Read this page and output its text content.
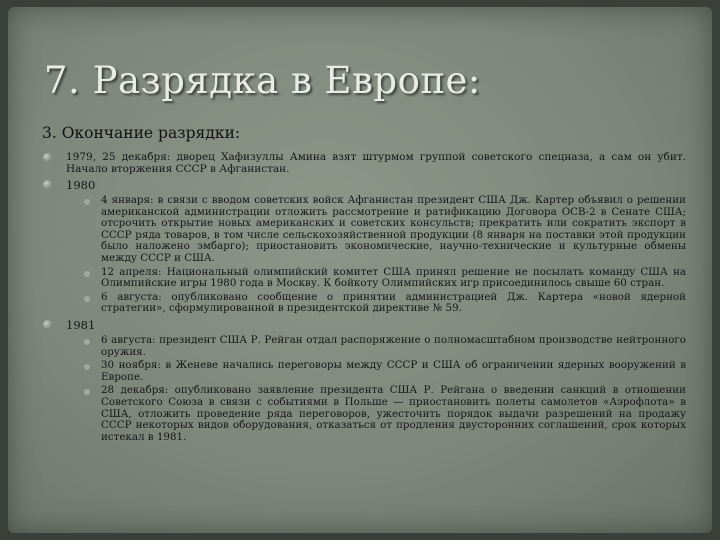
7. Разрядка в Европе:
3. Окончание разрядки:
1979, 25 декабря: дворец Хафизуллы Амина взят штурмом группой советского спецназа, а сам он убит. Начало вторжения СССР в Афганистан.
1980
4 января: в связи с вводом советских войск Афганистан президент США Дж. Картер объявил о решении американской администрации отложить рассмотрение и ратификацию Договора ОСВ-2 в Сенате США; отсрочить открытие новых американских и советских консульств; прекратить или сократить экспорт в СССР ряда товаров, в том числе сельскохозяйственной продукции (8 января на поставки этой продукции было наложено эмбарго); приостановить экономические, научно-технические и культурные обмены между СССР и США.
12 апреля: Национальный олимпийский комитет США принял решение не посылать команду США на Олимпийские игры 1980 года в Москву. К бойкоту Олимпийских игр присоединилось свыше 60 стран.
6 августа: опубликовано сообщение о принятии администрацией Дж. Картера «новой ядерной стратегии», сформулированной в президентской директиве № 59.
1981
6 августа: президент США Р. Рейган отдал распоряжение о полномасштабном производстве нейтронного оружия.
30 ноября: в Женеве начались переговоры между СССР и США об ограничении ядерных вооружений в Европе.
28 декабря: опубликовано заявление президента США Р. Рейгана о введении санкций в отношении Советского Союза в связи с событиями в Польше — приостановить полеты самолетов «Аэрофлота» в США, отложить проведение ряда переговоров, ужесточить порядок выдачи разрешений на продажу СССР некоторых видов оборудования, отказаться от продления двусторонних соглашений, срок которых истекал в 1981.
